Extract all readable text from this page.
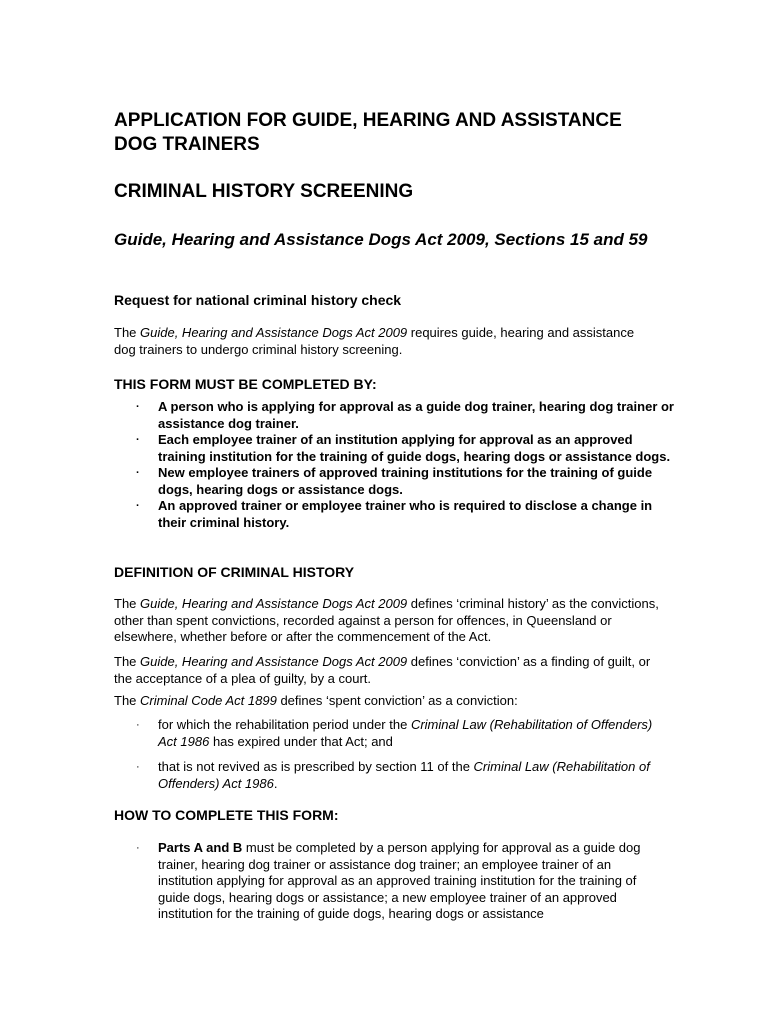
APPLICATION FOR GUIDE, HEARING AND ASSISTANCE
DOG TRAINERS
CRIMINAL HISTORY SCREENING
Guide, Hearing and Assistance Dogs Act 2009, Sections 15 and 59
Request for national criminal history check

The Guide, Hearing and Assistance Dogs Act 2009 requires guide, hearing and assistance dog trainers to undergo criminal history screening.

THIS FORM MUST BE COMPLETED BY:
· A person who is applying for approval as a guide dog trainer, hearing dog trainer or assistance dog trainer.
· Each employee trainer of an institution applying for approval as an approved training institution for the training of guide dogs, hearing dogs or assistance dogs.
· New employee trainers of approved training institutions for the training of guide dogs, hearing dogs or assistance dogs.
· An approved trainer or employee trainer who is required to disclose a change in their criminal history.
DEFINITION OF CRIMINAL HISTORY

The Guide, Hearing and Assistance Dogs Act 2009 defines ‘criminal history’ as the convictions, other than spent convictions, recorded against a person for offences, in Queensland or elsewhere, whether before or after the commencement of the Act.

The Guide, Hearing and Assistance Dogs Act 2009 defines ‘conviction’ as a finding of guilt, or the acceptance of a plea of guilty, by a court.

The Criminal Code Act 1899 defines ‘spent conviction’ as a conviction:

· for which the rehabilitation period under the Criminal Law (Rehabilitation of Offenders) Act 1986 has expired under that Act; and
· that is not revived as is prescribed by section 11 of the Criminal Law (Rehabilitation of Offenders) Act 1986.
HOW TO COMPLETE THIS FORM:
· Parts A and B must be completed by a person applying for approval as a guide dog trainer, hearing dog trainer or assistance dog trainer; an employee trainer of an institution applying for approval as an approved training institution for the training of guide dogs, hearing dogs or assistance; a new employee trainer of an approved institution for the training of guide dogs, hearing dogs or assistance
